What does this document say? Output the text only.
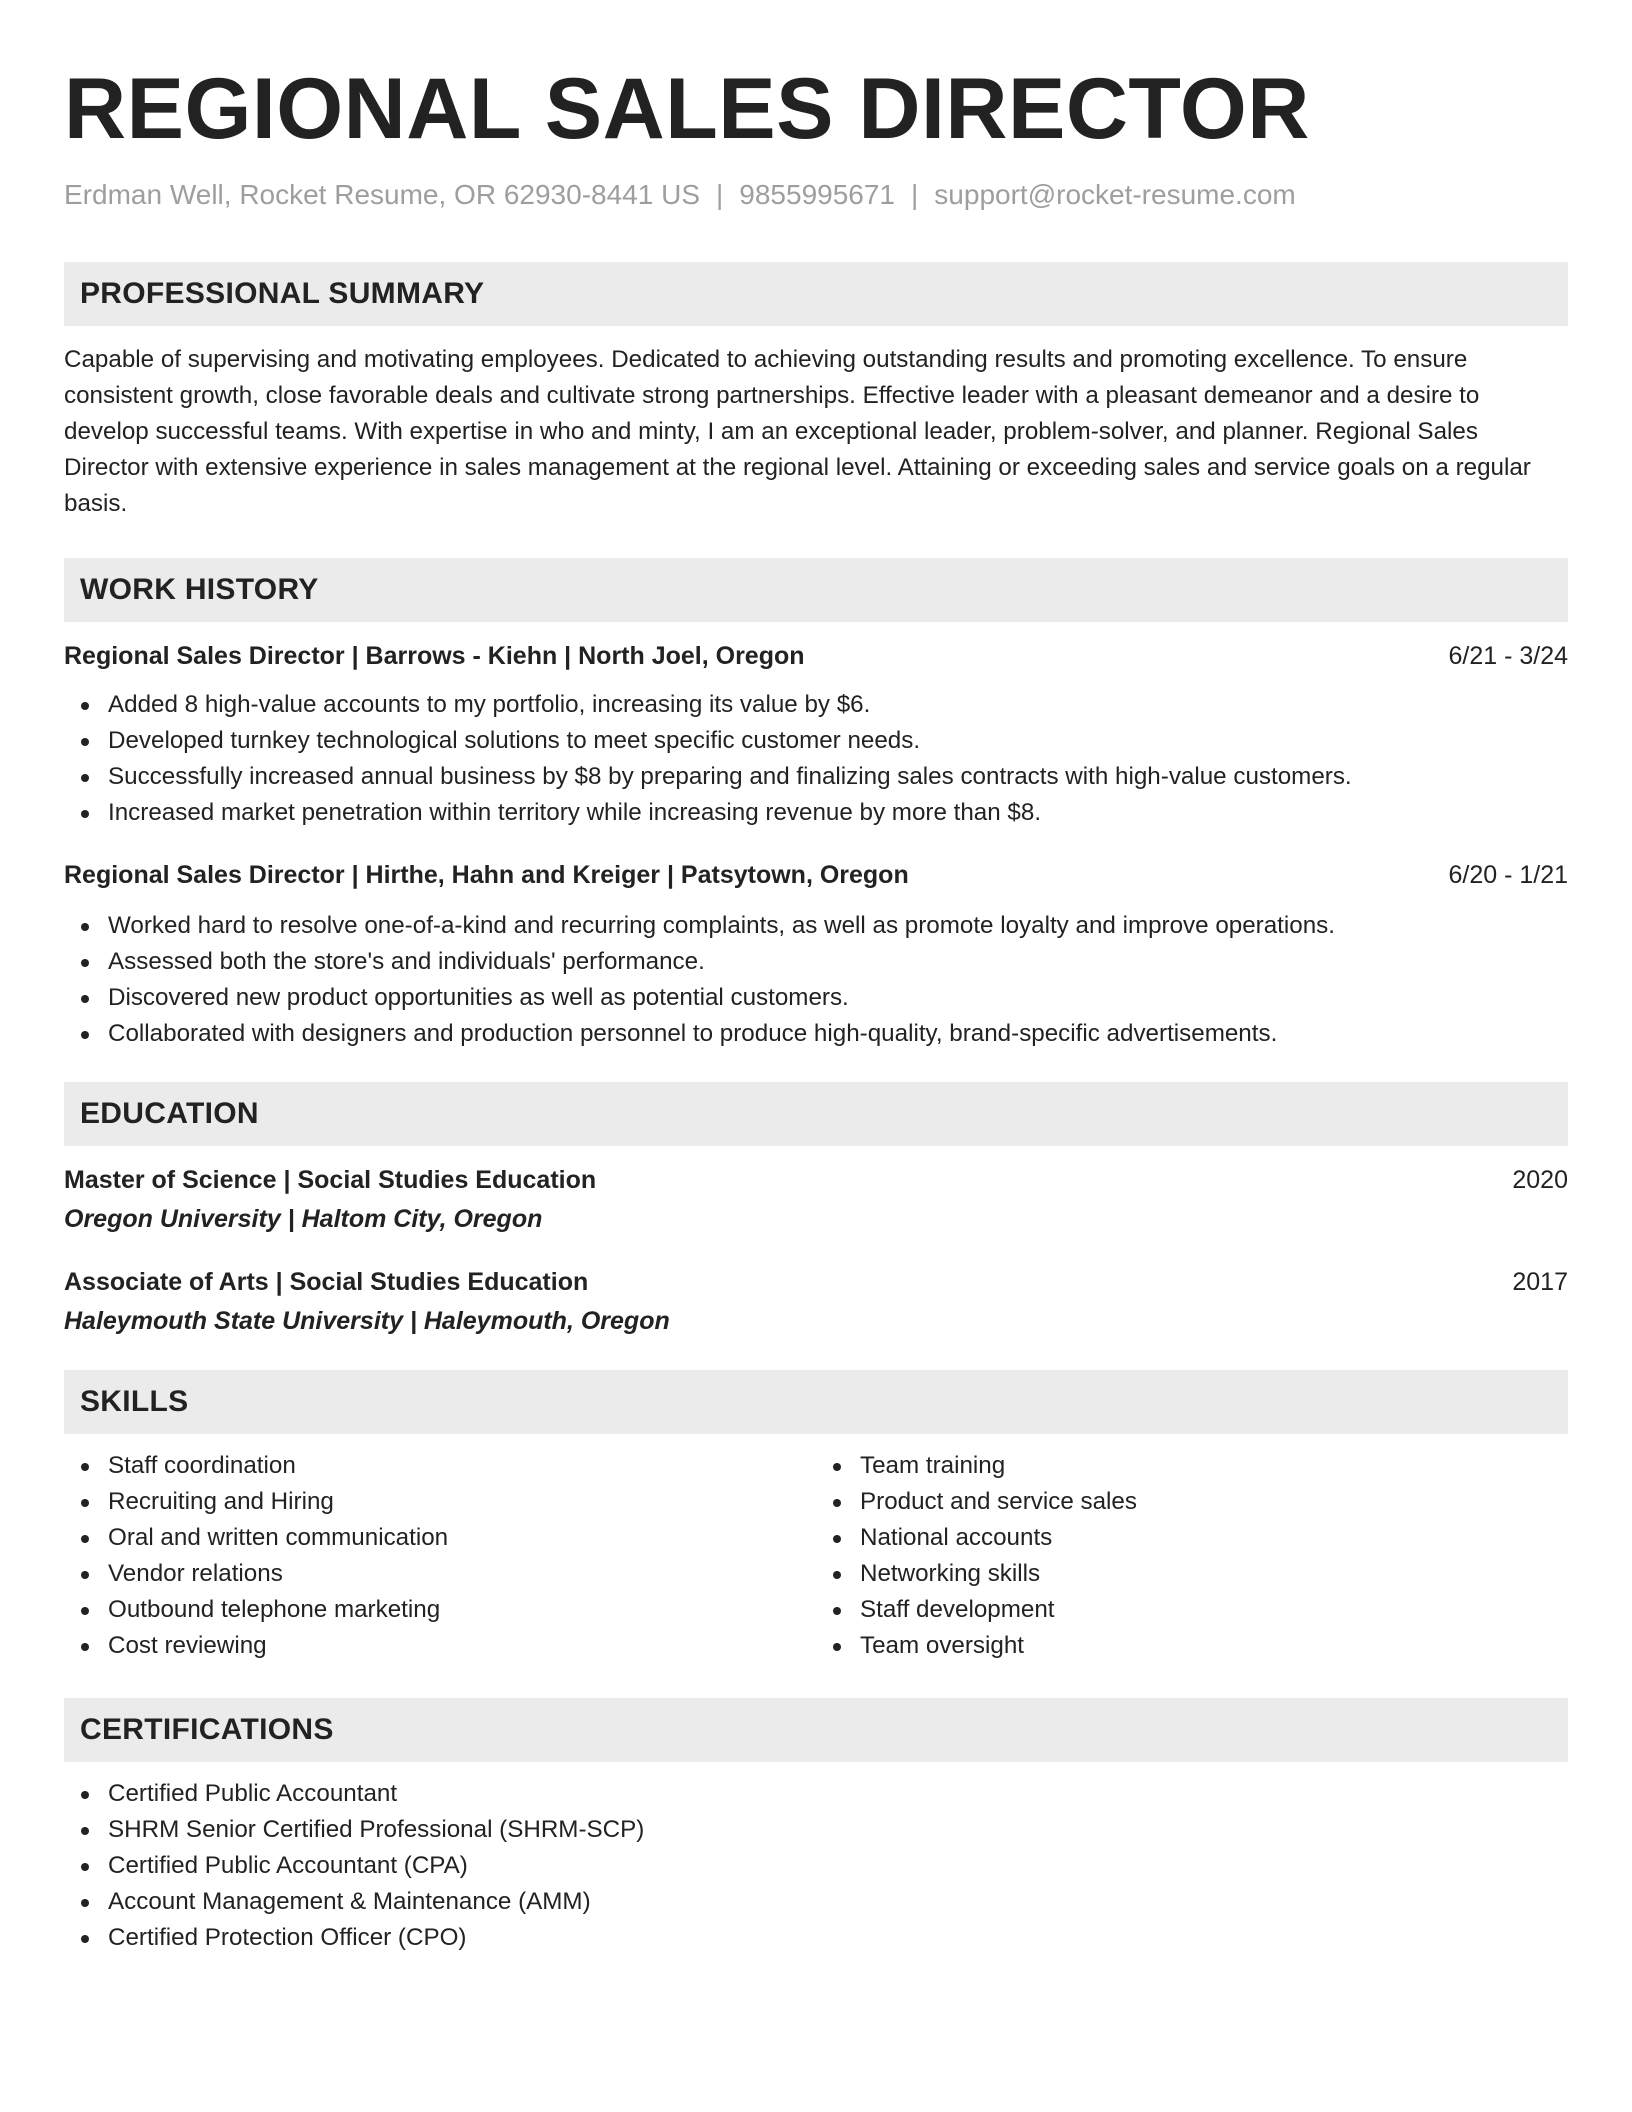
REGIONAL SALES DIRECTOR
Erdman Well, Rocket Resume, OR 62930-8441 US | 9855995671 | support@rocket-resume.com
PROFESSIONAL SUMMARY

Capable of supervising and motivating employees. Dedicated to achieving outstanding results and promoting excellence. To ensure consistent growth, close favorable deals and cultivate strong partnerships. Effective leader with a pleasant demeanor and a desire to develop successful teams. With expertise in who and minty, I am an exceptional leader, problem-solver, and planner. Regional Sales Director with extensive experience in sales management at the regional level. Attaining or exceeding sales and service goals on a regular basis.

WORK HISTORY
Regional Sales Director | Barrows - Kiehn | North Joel, Oregon	6/21 - 3/24
Added 8 high-value accounts to my portfolio, increasing its value by $6.
Developed turnkey technological solutions to meet specific customer needs.
Successfully increased annual business by $8 by preparing and finalizing sales contracts with high-value customers.
Increased market penetration within territory while increasing revenue by more than $8.
Regional Sales Director | Hirthe, Hahn and Kreiger | Patsytown, Oregon	6/20 - 1/21
Worked hard to resolve one-of-a-kind and recurring complaints, as well as promote loyalty and improve operations.
Assessed both the store's and individuals' performance.
Discovered new product opportunities as well as potential customers.
Collaborated with designers and production personnel to produce high-quality, brand-specific advertisements.
EDUCATION
Master of Science | Social Studies Education	2020
Oregon University | Haltom City, Oregon
Associate of Arts | Social Studies Education	2017
Haleymouth State University | Haleymouth, Oregon
SKILLS
Staff coordination
Recruiting and Hiring
Oral and written communication
Vendor relations
Outbound telephone marketing
Cost reviewing
Team training
Product and service sales
National accounts
Networking skills
Staff development
Team oversight
CERTIFICATIONS
Certified Public Accountant
SHRM Senior Certified Professional (SHRM-SCP)
Certified Public Accountant (CPA)
Account Management & Maintenance (AMM)
Certified Protection Officer (CPO)
